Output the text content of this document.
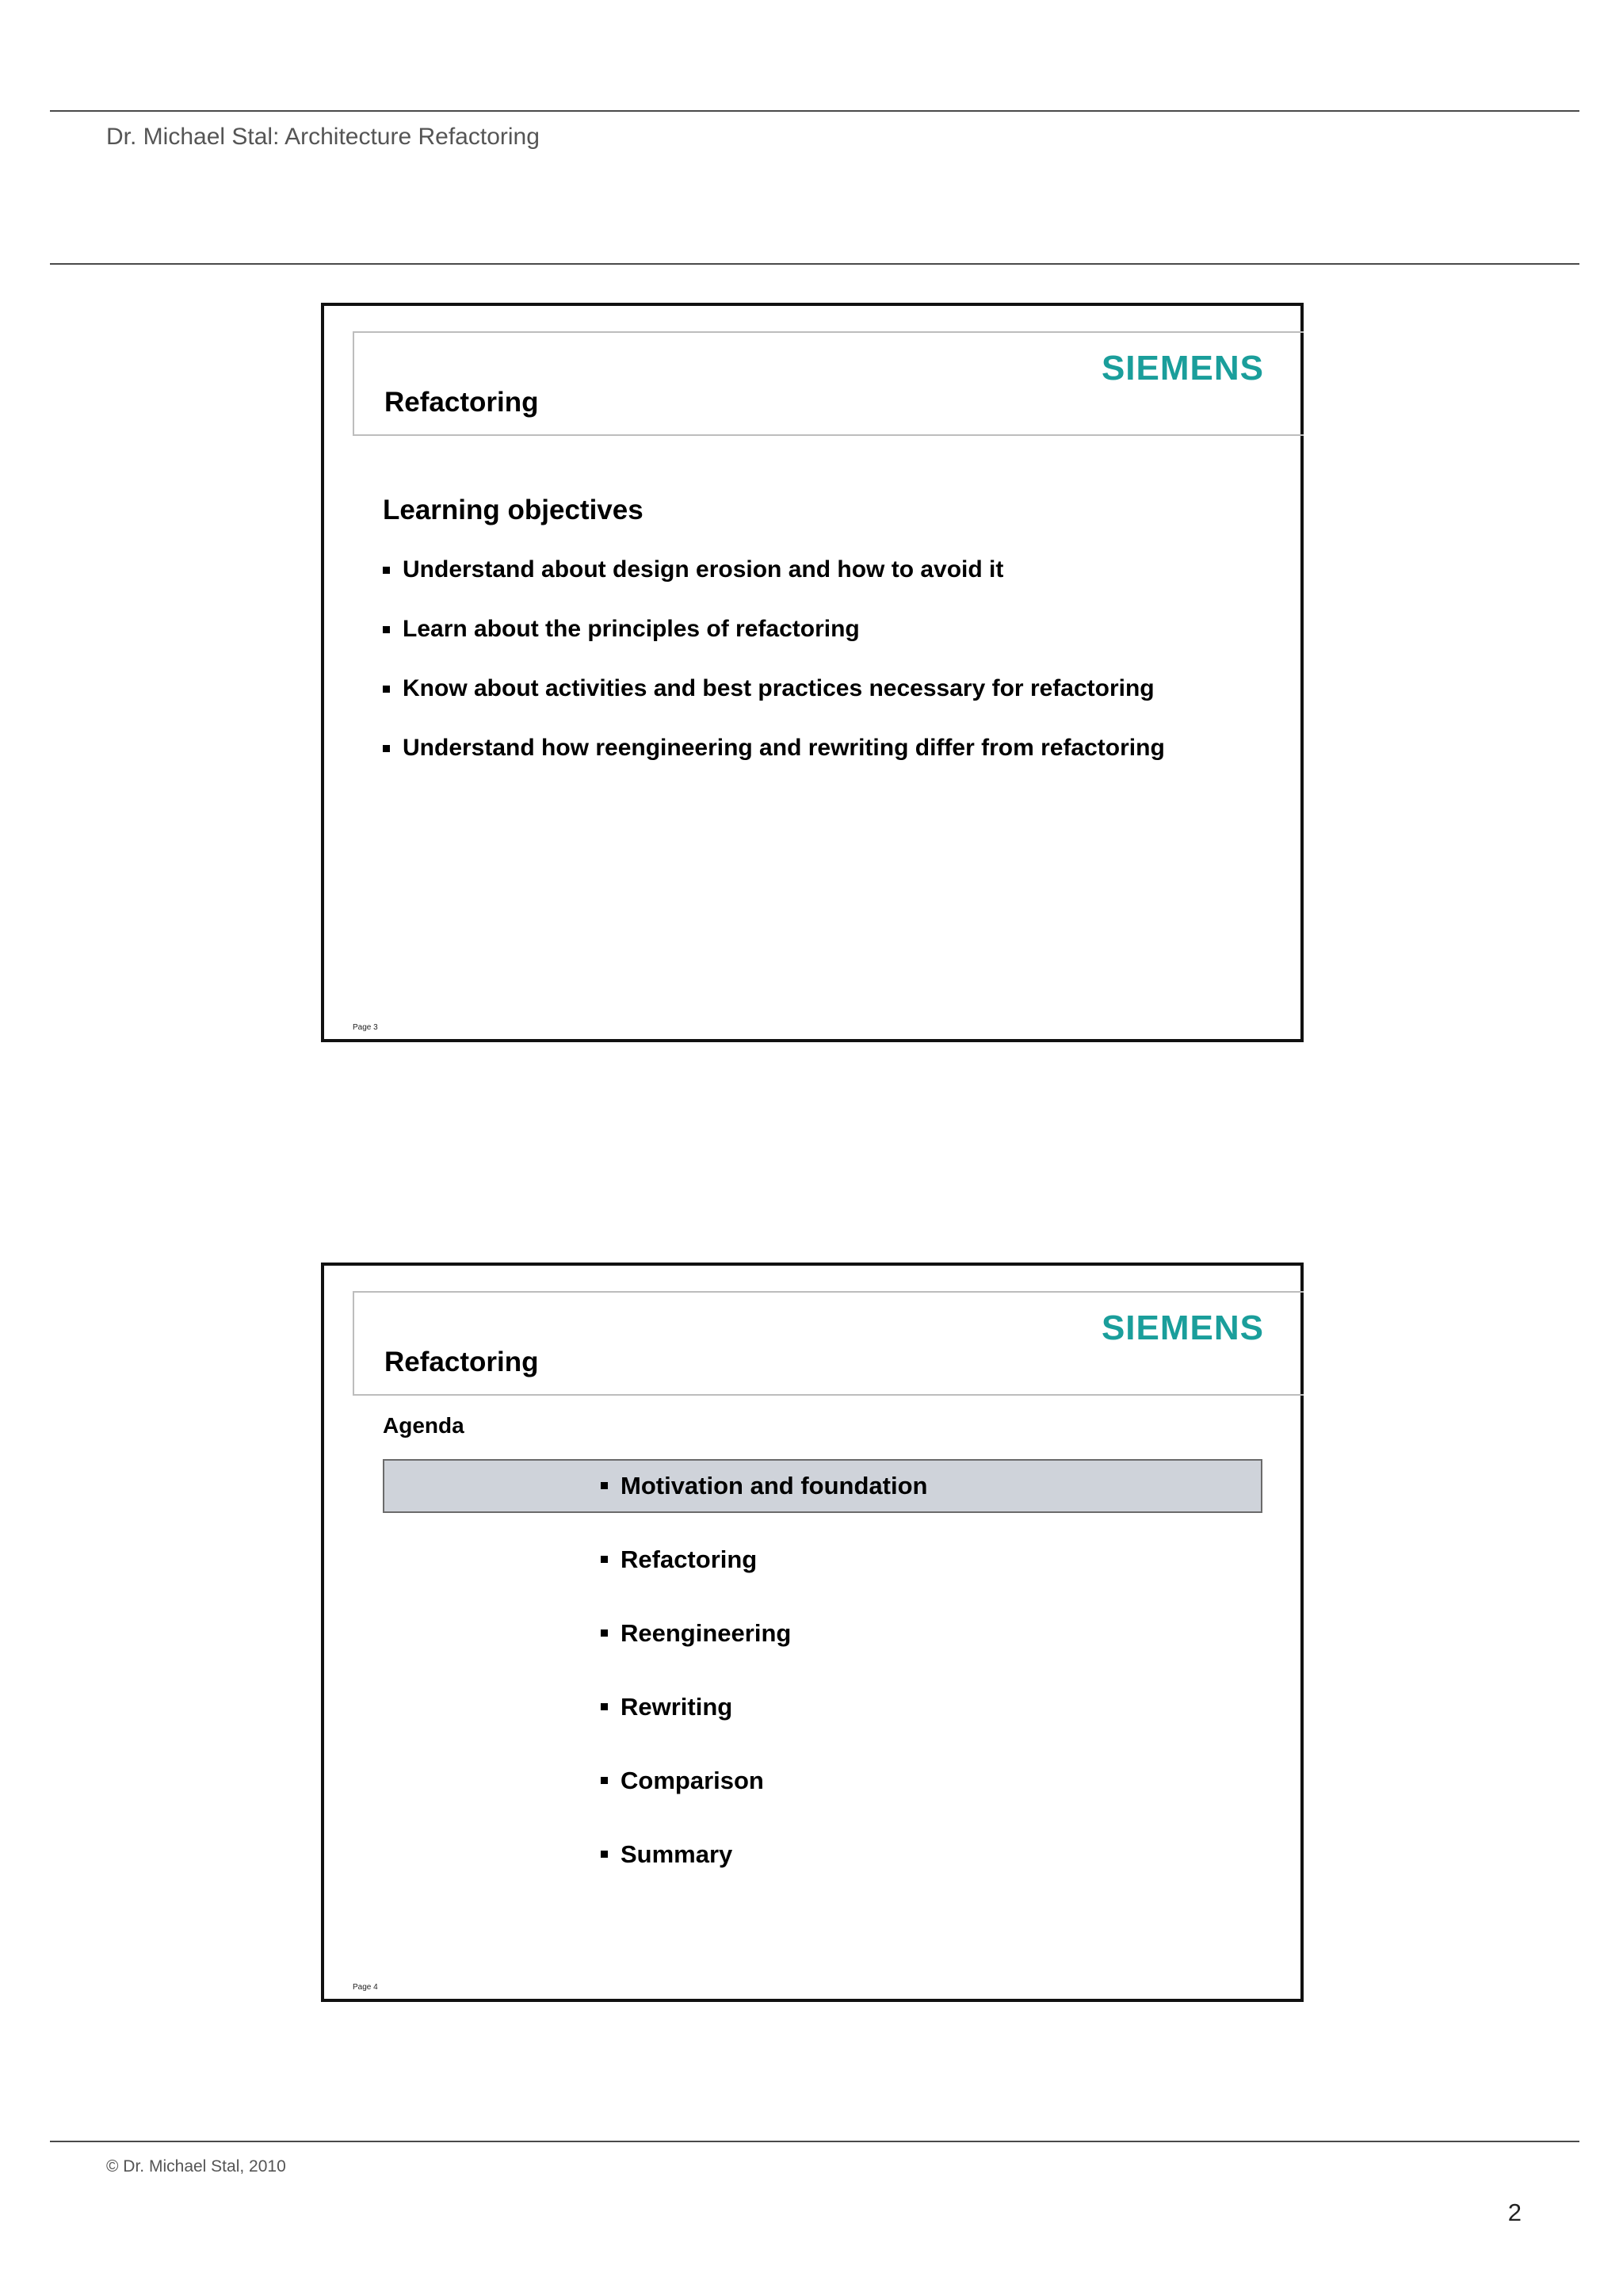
Dr. Michael Stal: Architecture Refactoring
SIEMENS
Refactoring
Learning objectives
Understand about design erosion and how to avoid it
Learn about the principles of refactoring
Know about activities and best practices necessary for refactoring
Understand how reengineering and rewriting differ from refactoring
Page 3
SIEMENS
Refactoring
Agenda
Motivation and foundation
Refactoring
Reengineering
Rewriting
Comparison
Summary
Page 4
© Dr. Michael Stal, 2010
2
